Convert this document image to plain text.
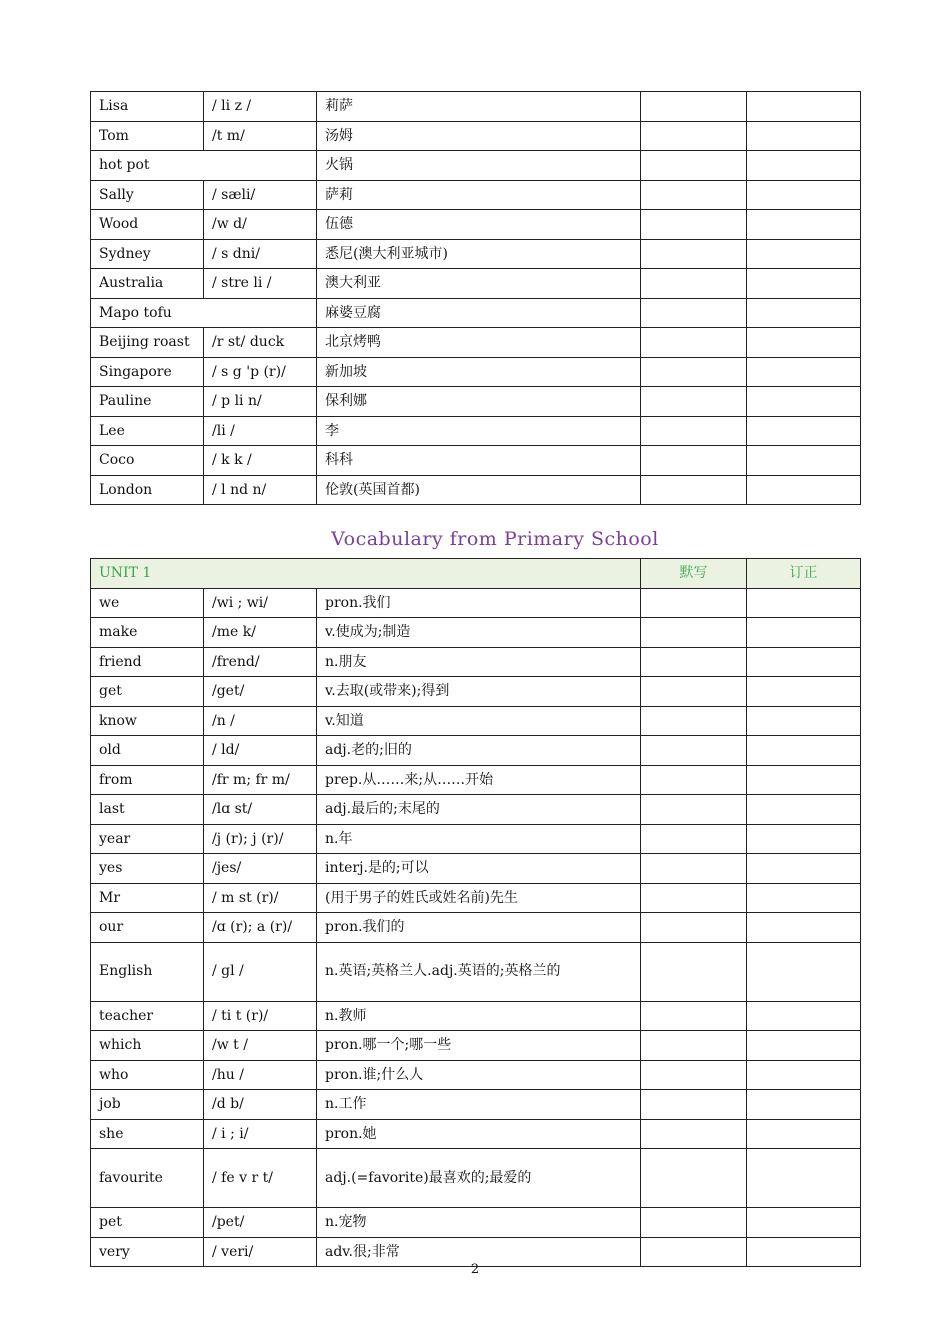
Lisa	/ li z /	莉萨		
Tom	/t m/	汤姆		
hot pot		火锅		
Sally	/ sæli/	萨莉		
Wood	/w d/	伍德		
Sydney	/ s dni/	悉尼(澳大利亚城市)		
Australia	/ stre li /	澳大利亚		
Mapo tofu		麻婆豆腐		
Beijing roast	/r st/ duck	北京烤鸭		
Singapore	/ s g 'p (r)/	新加坡		
Pauline	/ p li n/	保利娜		
Lee	/li /	李		
Coco	/ k k /	科科		
London	/ l nd n/	伦敦(英国首都)		
Vocabulary from Primary School
UNIT 1			默写	订正
we	/wi ; wi/	pron.我们		
make	/me k/	v.使成为;制造		
friend	/frend/	n.朋友		
get	/get/	v.去取(或带来);得到		
know	/n /	v.知道		
old	/ ld/	adj.老的;旧的		
from	/fr m; fr m/	prep.从……来;从……开始		
last	/lɑ st/	adj.最后的;末尾的		
year	/j (r); j (r)/	n.年		
yes	/jes/	interj.是的;可以		
Mr	/ m st (r)/	(用于男子的姓氏或姓名前)先生		
our	/ɑ (r); a (r)/	pron.我们的		
English	/ gl /	n.英语;英格兰人.adj.英语的;英格兰的		
teacher	/ ti t (r)/	n.教师		
which	/w t /	pron.哪一个;哪一些		
who	/hu /	pron.谁;什么人		
job	/d b/	n.工作		
she	/ i ; i/	pron.她		
favourite	/ fe v r t/	adj.(=favorite)最喜欢的;最爱的		
pet	/pet/	n.宠物		
very	/ veri/	adv.很;非常		
2
